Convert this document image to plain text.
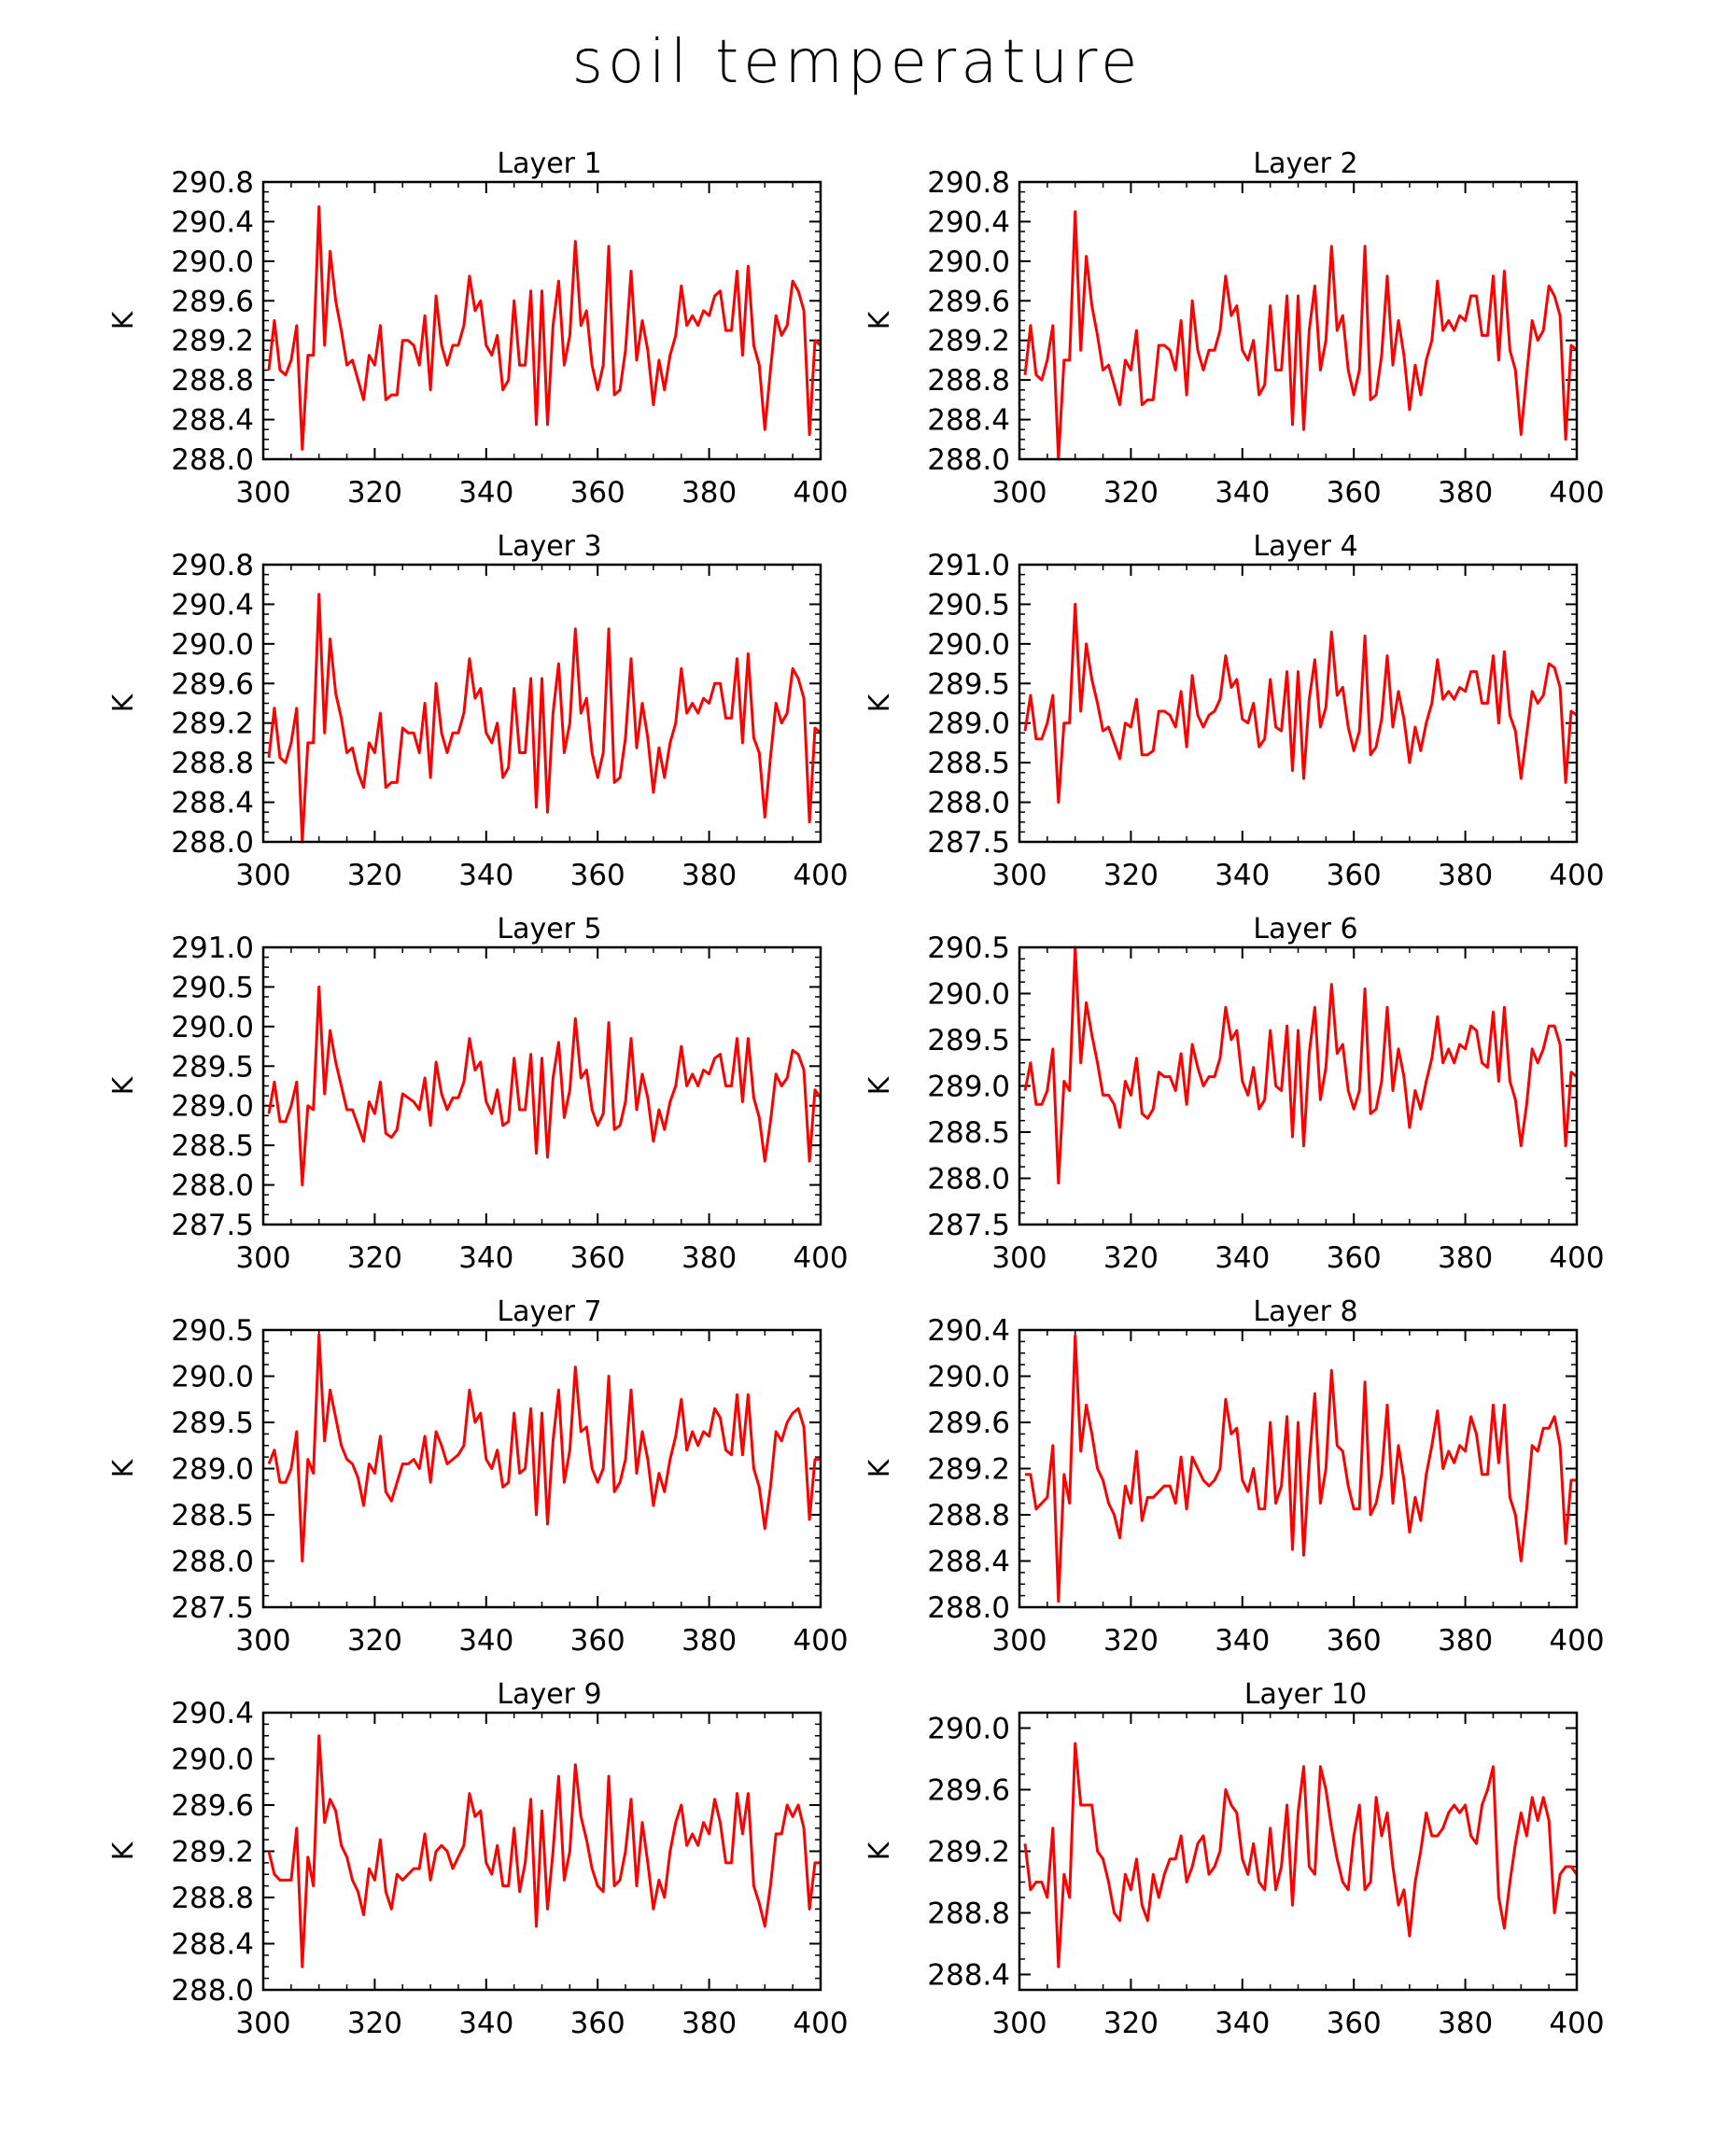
soil temperature
Layer 1
K
300 320 340 360 380 400
288.0
288.4
288.8
289.2
289.6
290.0
290.4
290.8
Layer 2
K
300 320 340 360 380 400
288.0
288.4
288.8
289.2
289.6
290.0
290.4
290.8
Layer 3
K
300 320 340 360 380 400
288.0
288.4
288.8
289.2
289.6
290.0
290.4
290.8
Layer 4
K
300 320 340 360 380 400
287.5
288.0
288.5
289.0
289.5
290.0
290.5
291.0
Layer 5
K
300 320 340 360 380 400
287.5
288.0
288.5
289.0
289.5
290.0
290.5
291.0
Layer 6
K
300 320 340 360 380 400
287.5
288.0
288.5
289.0
289.5
290.0
290.5
Layer 7
K
300 320 340 360 380 400
287.5
288.0
288.5
289.0
289.5
290.0
290.5
Layer 8
K
300 320 340 360 380 400
288.0
288.4
288.8
289.2
289.6
290.0
290.4
Layer 9
K
300 320 340 360 380 400
288.0
288.4
288.8
289.2
289.6
290.0
290.4
Layer 10
K
300 320 340 360 380 400
288.4
288.8
289.2
289.6
290.0
